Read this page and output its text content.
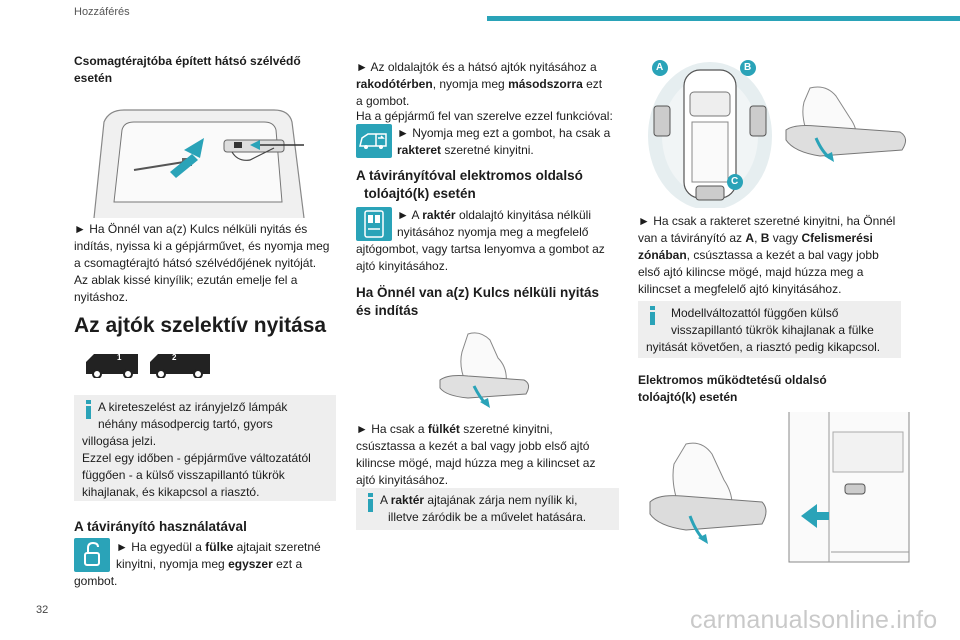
Hozzáférés
Csomagtérajtóba épített hátsó szélvédő esetén
► Ha Önnél van a(z) Kulcs nélküli nyitás és
indítás, nyissa ki a gépjárművet, és nyomja meg
a csomagtérajtó hátsó szélvédőjének nyitóját.
Az ablak kissé kinyílik; ezután emelje fel a
nyitáshoz.
Az ajtók szelektív nyitása
1	2
A kireteszelést az irányjelző lámpák
néhány másodpercig tartó, gyors
villogása jelzi.
Ezzel egy időben - gépjárműve változatától
függően - a külső visszapillantó tükrök
kihajlanak, és kikapcsol a riasztó.
A távirányító használatával
► Ha egyedül a fülke ajtajait szeretné
kinyitni, nyomja meg egyszer ezt a
gombot.
32
► Az oldalajtók és a hátsó ajtók nyitásához a
rakodótérben, nyomja meg másodszorra ezt
a gombot.
Ha a gépjármű fel van szerelve ezzel funkcióval:
► Nyomja meg ezt a gombot, ha csak a
rakteret szeretné kinyitni.
A távirányítóval elektromos oldalsó
tolóajtó(k) esetén
► A raktér oldalajtó kinyitása nélküli
nyitásához nyomja meg a megfelelő
ajtógombot, vagy tartsa lenyomva a gombot az
ajtó kinyitásához.
Ha Önnél van a(z) Kulcs nélküli nyitás
és indítás
► Ha csak a fülkét szeretné kinyitni,
csúsztassa a kezét a bal vagy jobb első ajtó
kilincse mögé, majd húzza meg a kilincset az
ajtó kinyitásához.
A raktér ajtajának zárja nem nyílik ki,
illetve záródik be a művelet hatására.
A	B
C
► Ha csak a rakteret szeretné kinyitni, ha Önnél
van a távirányító az A, B vagy Cfelismerési
zónában, csúsztassa a kezét a bal vagy jobb
első ajtó kilincse mögé, majd húzza meg a
kilincset a megfelelő ajtó kinyitásához.
Modellváltozattól függően külső
visszapillantó tükrök kihajlanak a fülke
nyitását követően, a riasztó pedig kikapcsol.
Elektromos működtetésű oldalsó
tolóajtó(k) esetén
carmanualsonline.info
